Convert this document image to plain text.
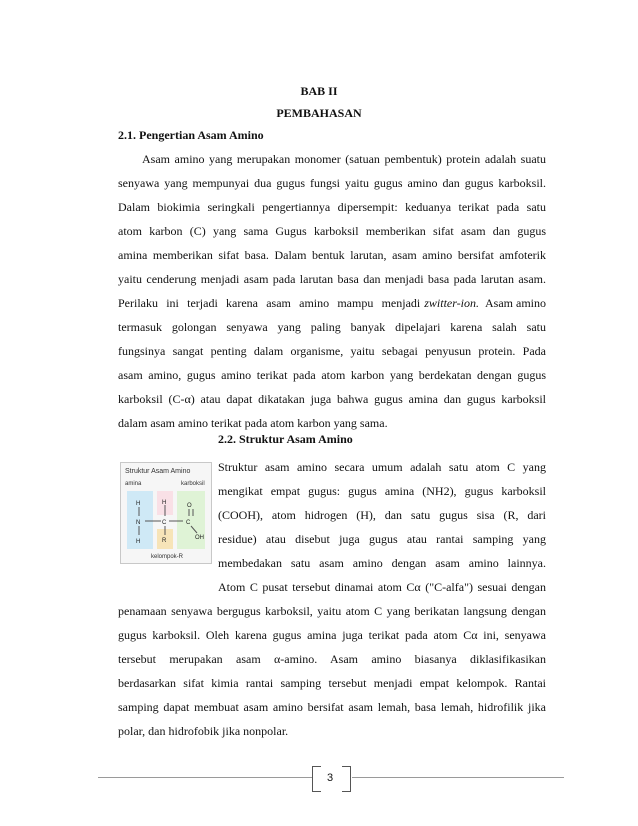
BAB II
PEMBAHASAN
2.1. Pengertian Asam Amino
Asam amino yang merupakan monomer (satuan pembentuk) protein adalah suatu
senyawa yang mempunyai dua gugus fungsi yaitu gugus amino dan gugus karboksil.
Dalam biokimia seringkali pengertiannya dipersempit: keduanya terikat pada satu
atom karbon (C) yang sama Gugus karboksil memberikan sifat asam dan gugus
amina memberikan sifat basa. Dalam bentuk larutan, asam amino bersifat amfoterik
yaitu cenderung menjadi asam pada larutan basa dan menjadi basa pada larutan asam.
Perilaku ini terjadi karena asam amino mampu menjadi zwitter-ion. Asam amino
termasuk golongan senyawa yang paling banyak dipelajari karena salah satu
fungsinya sangat penting dalam organisme, yaitu sebagai penyusun protein. Pada
asam amino, gugus amino terikat pada atom karbon yang berdekatan dengan gugus
karboksil (C-α) atau dapat dikatakan juga bahwa gugus amina dan gugus karboksil
dalam asam amino terikat pada atom karbon yang sama.
2.2. Struktur Asam Amino
Struktur Asam Amino
amina	karboksil
H
N
H
H
C
R
O
C
OH
kelompok-R
Struktur asam amino secara umum adalah satu atom C yang
mengikat empat gugus: gugus amina (NH2), gugus karboksil
(COOH), atom hidrogen (H), dan satu gugus sisa (R, dari
residue) atau disebut juga gugus atau rantai samping yang
membedakan satu asam amino dengan asam amino lainnya.
Atom C pusat tersebut dinamai atom Cα ("C-alfa") sesuai dengan
penamaan senyawa bergugus karboksil, yaitu atom C yang berikatan langsung dengan
gugus karboksil. Oleh karena gugus amina juga terikat pada atom Cα ini, senyawa
tersebut merupakan asam α-amino. Asam amino biasanya diklasifikasikan
berdasarkan sifat kimia rantai samping tersebut menjadi empat kelompok. Rantai
samping dapat membuat asam amino bersifat asam lemah, basa lemah, hidrofilik jika
polar, dan hidrofobik jika nonpolar.
3
